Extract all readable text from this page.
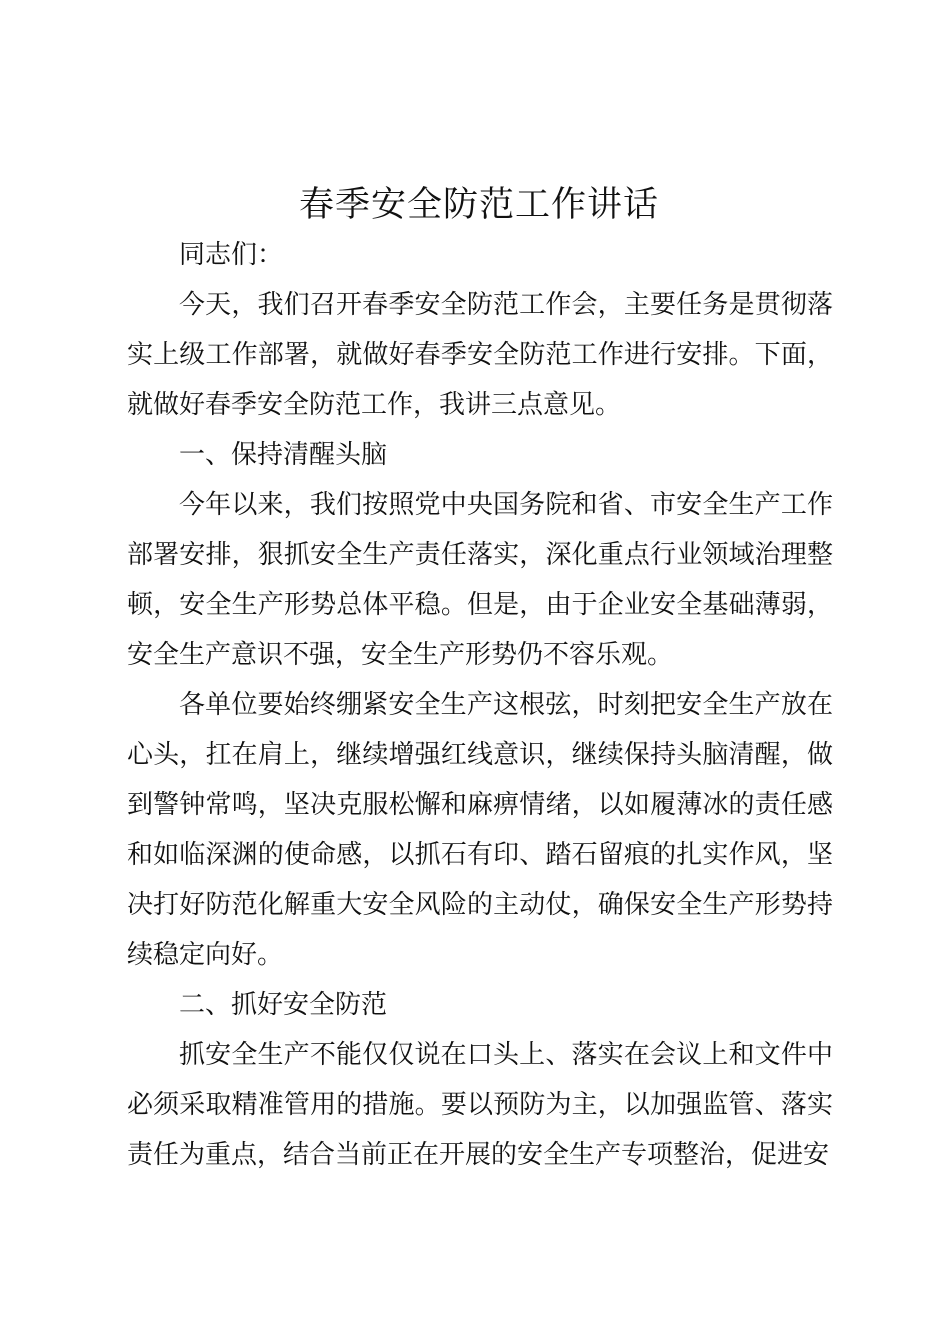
春季安全防范工作讲话

同志们：

今天，我们召开春季安全防范工作会，主要任务是贯彻落实上级工作部署，就做好春季安全防范工作进行安排。下面，就做好春季安全防范工作，我讲三点意见。

一、保持清醒头脑

今年以来，我们按照党中央国务院和省、市安全生产工作部署安排，狠抓安全生产责任落实，深化重点行业领域治理整顿，安全生产形势总体平稳。但是，由于企业安全基础薄弱，安全生产意识不强，安全生产形势仍不容乐观。

各单位要始终绷紧安全生产这根弦，时刻把安全生产放在心头，扛在肩上，继续增强红线意识，继续保持头脑清醒，做到警钟常鸣，坚决克服松懈和麻痹情绪，以如履薄冰的责任感和如临深渊的使命感，以抓石有印、踏石留痕的扎实作风，坚决打好防范化解重大安全风险的主动仗，确保安全生产形势持续稳定向好。

二、抓好安全防范

抓安全生产不能仅仅说在口头上、落实在会议上和文件中必须采取精准管用的措施。要以预防为主，以加强监管、落实责任为重点，结合当前正在开展的安全生产专项整治，促进安
